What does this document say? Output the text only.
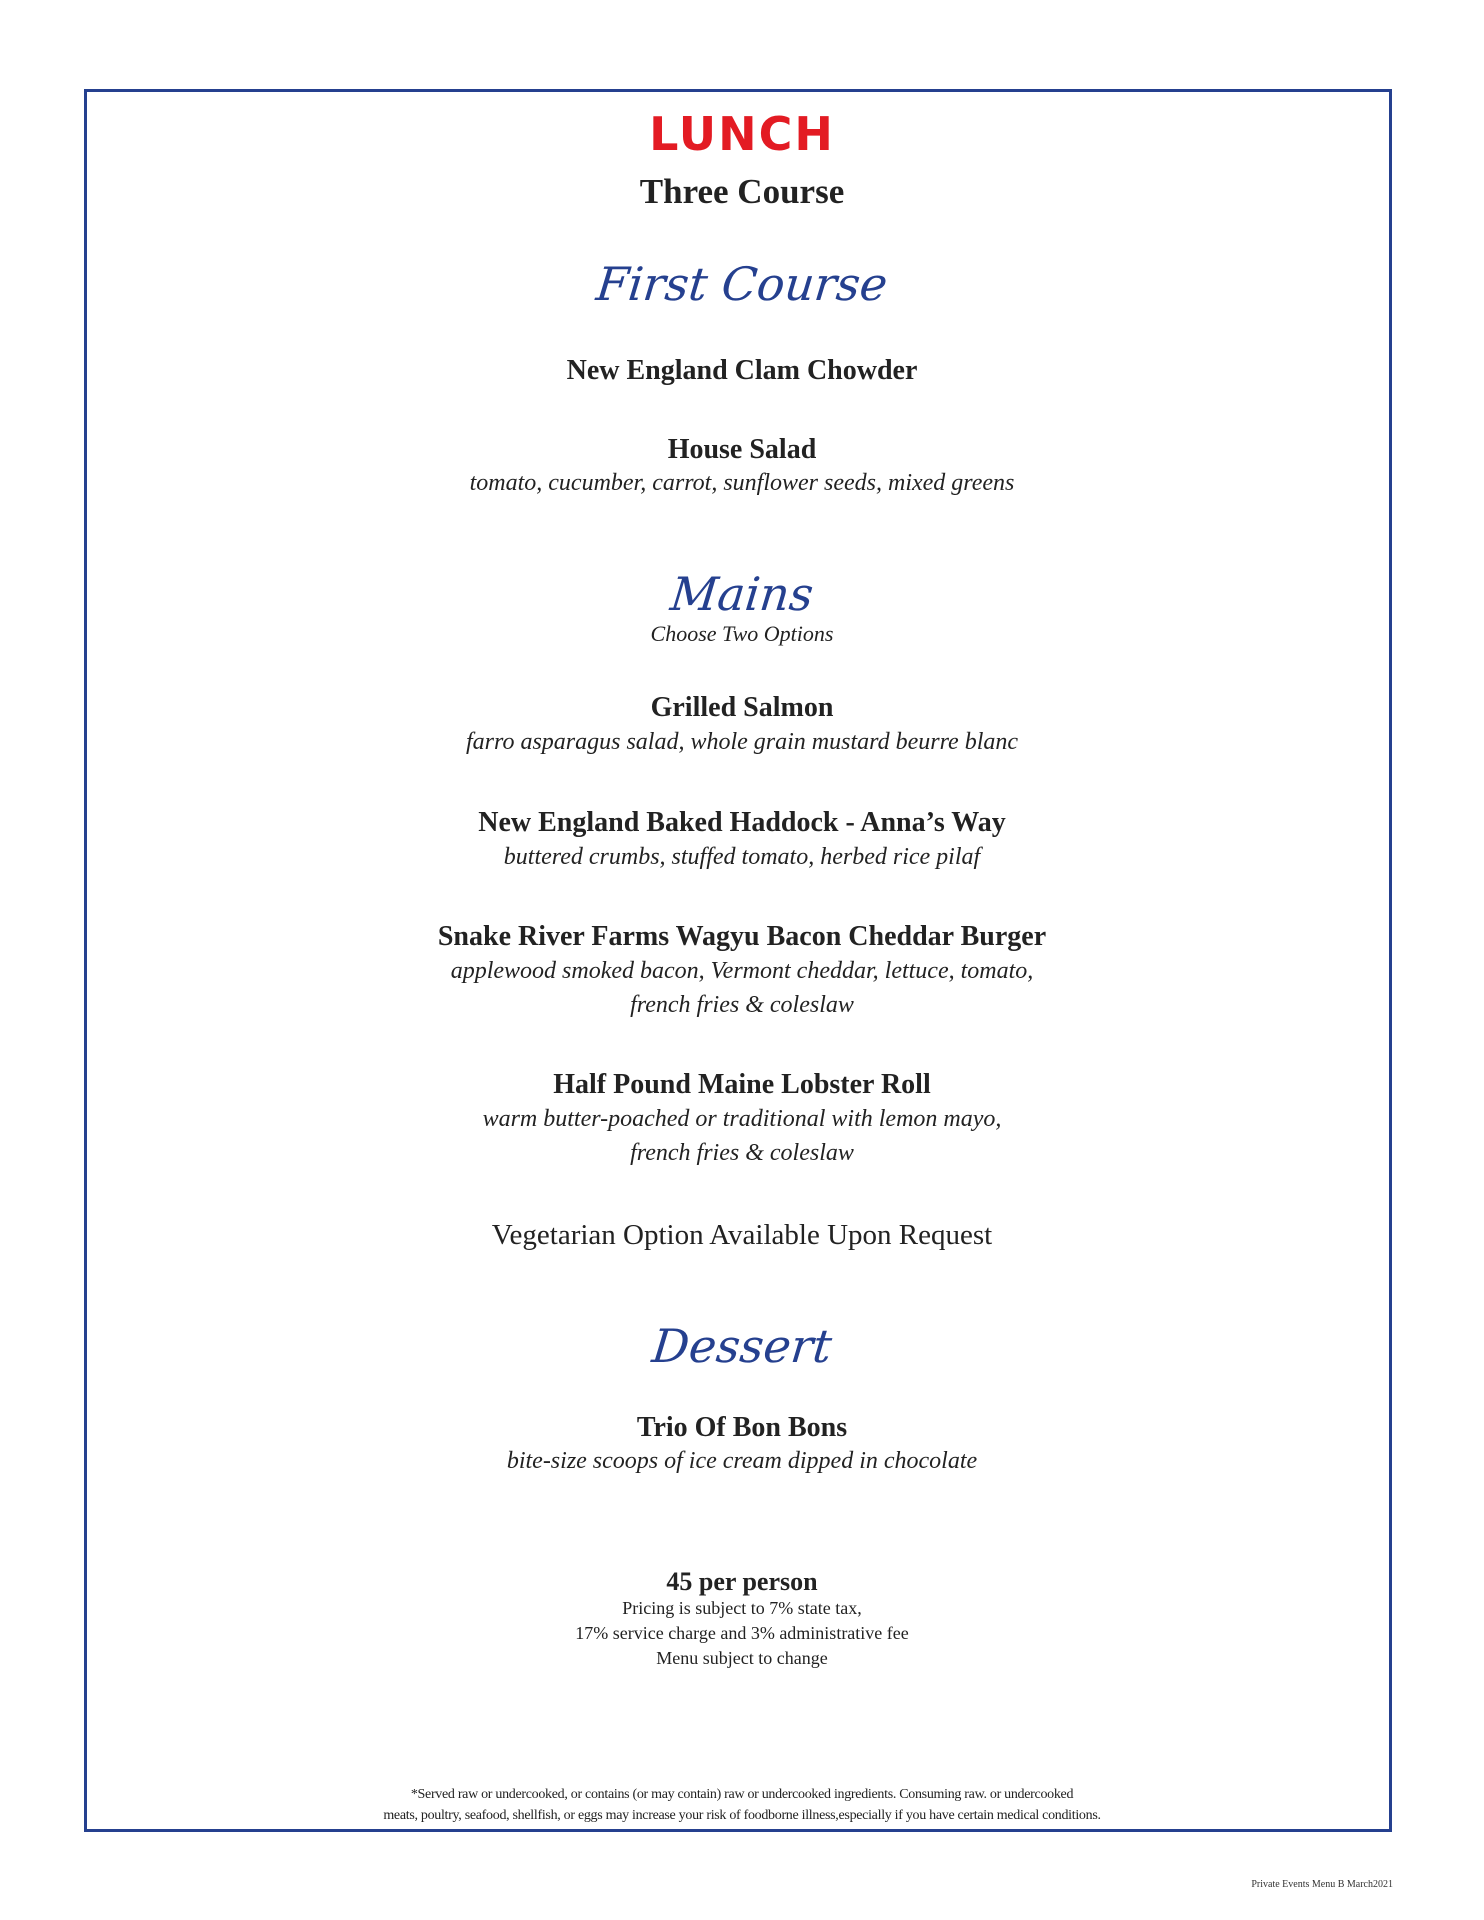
LUNCH
Three Course
First Course
New England Clam Chowder
House Salad
tomato, cucumber, carrot, sunflower seeds, mixed greens
Mains
Choose Two Options
Grilled Salmon
farro asparagus salad, whole grain mustard beurre blanc
New England Baked Haddock - Anna’s Way
buttered crumbs, stuffed tomato, herbed rice pilaf
Snake River Farms Wagyu Bacon Cheddar Burger
applewood smoked bacon, Vermont cheddar, lettuce, tomato,
french fries & coleslaw
Half Pound Maine Lobster Roll
warm butter-poached or traditional with lemon mayo,
french fries & coleslaw
Vegetarian Option Available Upon Request
Dessert
Trio Of Bon Bons
bite-size scoops of ice cream dipped in chocolate
45 per person
Pricing is subject to 7% state tax,
17% service charge and 3% administrative fee
Menu subject to change
*Served raw or undercooked, or contains (or may contain) raw or undercooked ingredients. Consuming raw. or undercooked
meats, poultry, seafood, shellfish, or eggs may increase your risk of foodborne illness,especially if you have certain medical conditions.
Private Events Menu B March2021
